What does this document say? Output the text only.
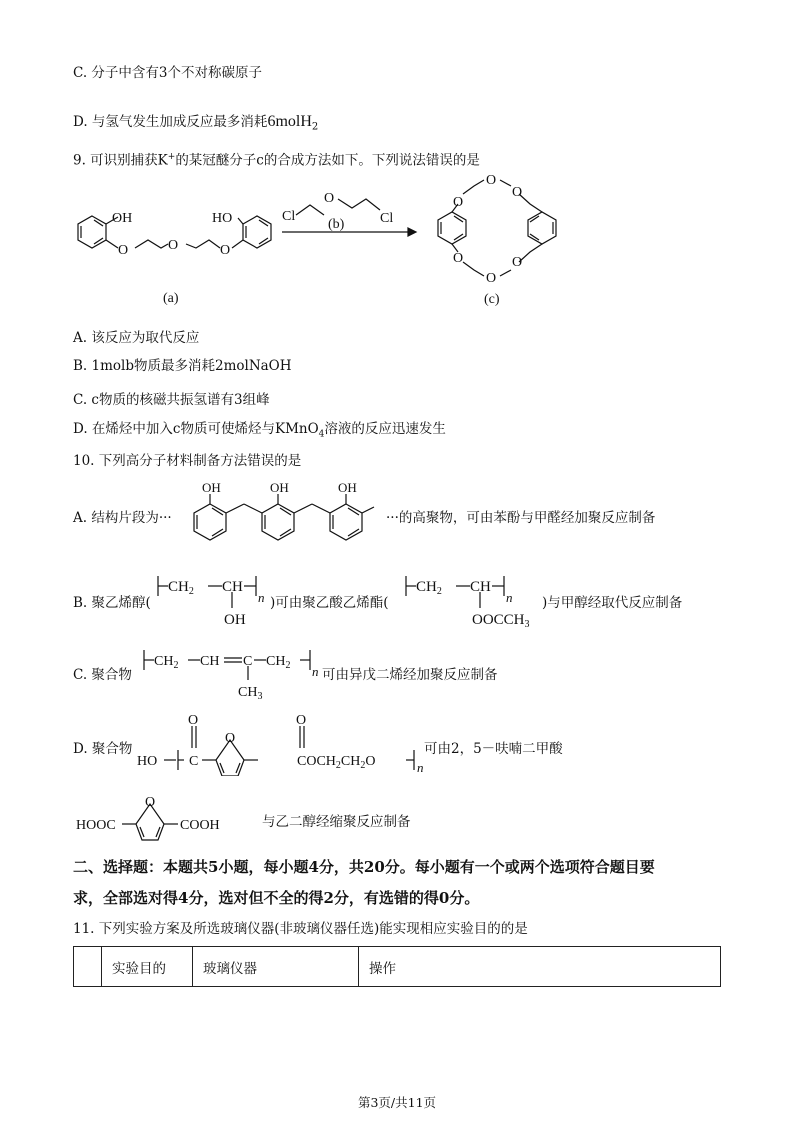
C. 分子中含有3个不对称碳原子
D. 与氢气发生加成反应最多消耗6molH$_2$
9. 可识别捕获K+的某冠醚分子c的合成方法如下。下列说法错误的是
OH
O	O	O
HO	Cl
O
Cl
(b)
(a)
O
O
O
O
O
O
(c)
A. 该反应为取代反应
B. 1molb物质最多消耗2molNaOH
C. c物质的核磁共振氢谱有3组峰
D. 在烯烃中加入c物质可使烯烃与KMnO$_4$溶液的反应迅速发生
10. 下列高分子材料制备方法错误的是
A. 结构片段为···
OH	OH	OH
···的高聚物，可由苯酚与甲醛经加聚反应制备
B. 聚乙烯醇(
$CH_2$ CH
OH
n )可由聚乙酸乙烯酯(
$CH_2$ CH
$OOCCH_3$
n )与甲醇经取代反应制备
C. 聚合物
$CH_2$ CH C $CH_2$
$CH_3$
n 可由异戊二烯经加聚反应制备
D. 聚合物
HO C
O
O
O
$COCH_2CH_2O$	n
可由2，5－呋喃二甲酸
HOOC
O
COOH	与乙二醇经缩聚反应制备
二、选择题：本题共5小题，每小题4分，共20分。每小题有一个或两个选项符合题目要
求，全部选对得4分，选对但不全的得2分，有选错的得0分。
11. 下列实验方案及所选玻璃仪器(非玻璃仪器任选)能实现相应实验目的的是
	实验目的	玻璃仪器	操作
第3页/共11页
